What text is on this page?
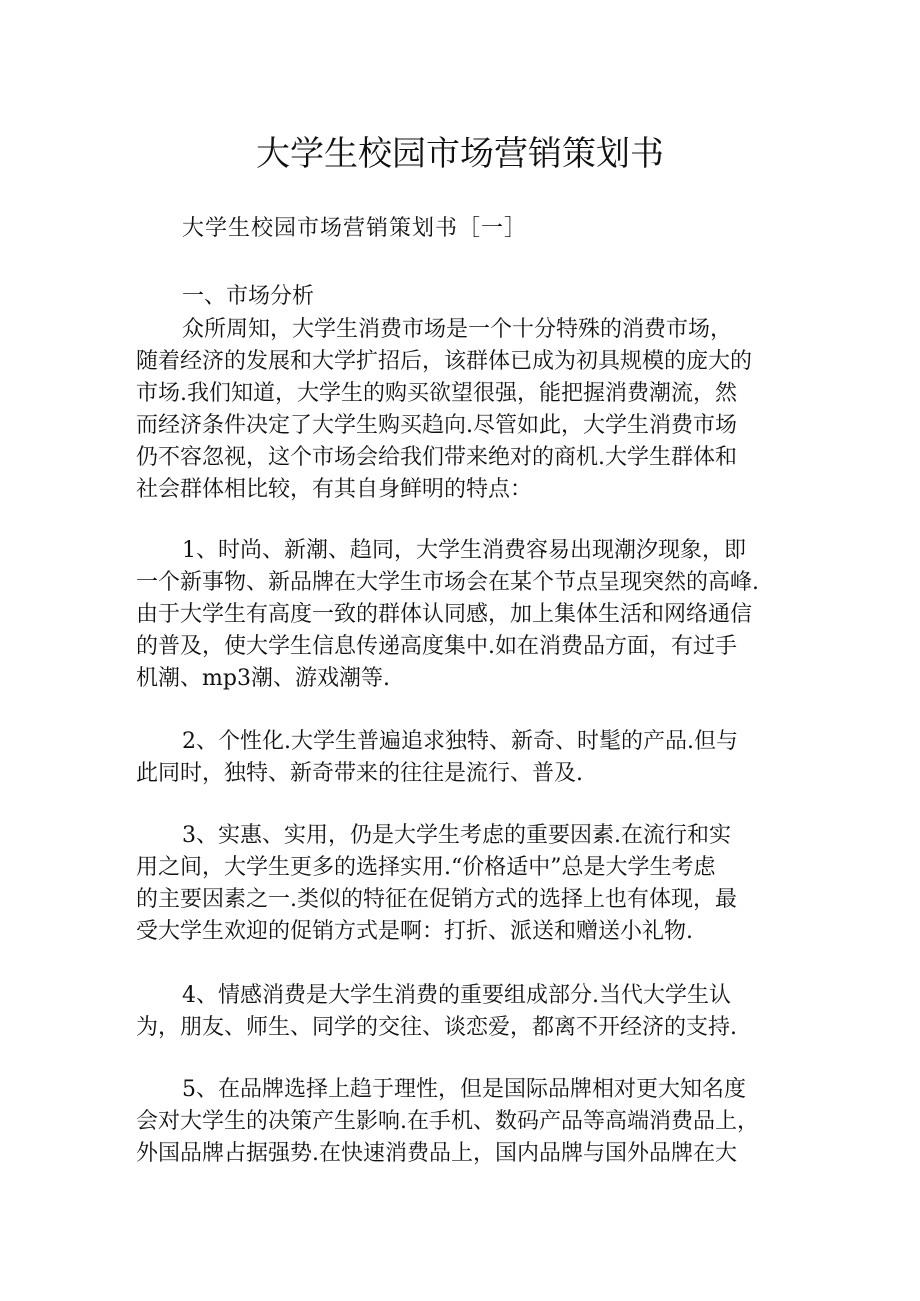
大学生校园市场营销策划书
大学生校园市场营销策划书［一］
一、市场分析
众所周知，大学生消费市场是一个十分特殊的消费市场，
随着经济的发展和大学扩招后，该群体已成为初具规模的庞大的
市场.我们知道，大学生的购买欲望很强，能把握消费潮流，然
而经济条件决定了大学生购买趋向.尽管如此，大学生消费市场
仍不容忽视，这个市场会给我们带来绝对的商机.大学生群体和
社会群体相比较，有其自身鲜明的特点：
1、时尚、新潮、趋同，大学生消费容易出现潮汐现象，即
一个新事物、新品牌在大学生市场会在某个节点呈现突然的高峰.
由于大学生有高度一致的群体认同感，加上集体生活和网络通信
的普及，使大学生信息传递高度集中.如在消费品方面，有过手
机潮、mp3潮、游戏潮等.
2、个性化.大学生普遍追求独特、新奇、时髦的产品.但与
此同时，独特、新奇带来的往往是流行、普及.
3、实惠、实用，仍是大学生考虑的重要因素.在流行和实
用之间，大学生更多的选择实用.“价格适中”总是大学生考虑
的主要因素之一.类似的特征在促销方式的选择上也有体现，最
受大学生欢迎的促销方式是啊：打折、派送和赠送小礼物.
4、情感消费是大学生消费的重要组成部分.当代大学生认
为，朋友、师生、同学的交往、谈恋爱，都离不开经济的支持.
5、在品牌选择上趋于理性，但是国际品牌相对更大知名度
会对大学生的决策产生影响.在手机、数码产品等高端消费品上，
外国品牌占据强势.在快速消费品上，国内品牌与国外品牌在大
